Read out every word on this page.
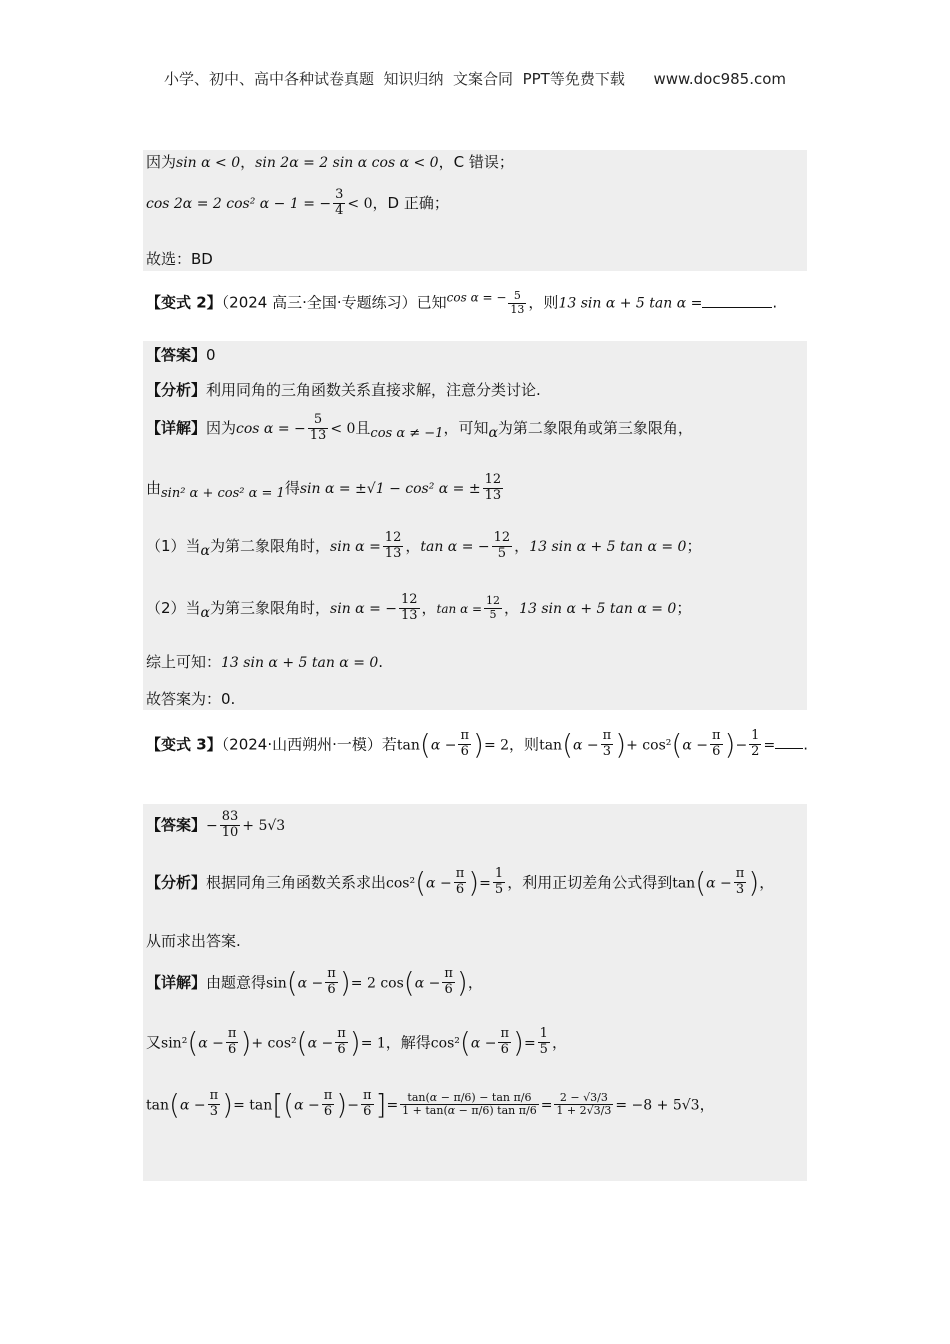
小学、初中、高中各种试卷真题  知识归纳  文案合同  PPT等免费下载      www.doc985.com
因为sin α < 0，sin 2α = 2 sin α cos α < 0，C 错误；
cos 2α = 2 cos² α − 1 = − $\frac{3}{4} < 0$，D 正确；
故选：BD
【变式 2】（2024 高三·全国·专题练习）已知$^{cos \alpha = -} \frac{5}{13}$ ，则13 sin α + 5 tan α =	.
【答案】0
【分析】利用同角的三角函数关系直接求解，注意分类讨论.
【详解】因为cos α = − $\frac{5}{13} < 0$且cos α ≠ −1，可知α为第二象限角或第三象限角，
由sin² α + cos² α = 1得sin α = ±√1 − cos² α = ± $\frac{12}{13}$
（1）当α为第二象限角时，$\sin \alpha = \frac{12}{13}$ ，tan α = − $\frac{12}{5}$ ，13 sin α + 5 tan α = 0；
（2）当α为第三象限角时，sin α = − $\frac{12}{13}$ ，$\tan \alpha = \frac{12}{5}$ ，13 sin α + 5 tan α = 0；
综上可知：13 sin α + 5 tan α = 0.
故答案为：0.
【变式 3】（2024·山西朔州·一模）若$\tan(\alpha - \frac{\pi}{6}$ )= 2，则$\tan(\alpha - \frac{\pi}{3}$ )+ $\cos^2(\alpha - \frac{\pi}{6}$ )− $\frac{1}{2}$ = .
【答案】− $\frac{83}{10} + 5√3$
【分析】根据同角三角函数关系求出$\cos^2(\alpha - \frac{\pi}{6}$ )= $\frac{1}{5}$ ，利用正切差角公式得到$\tan(\alpha - \frac{\pi}{3}$ )，
从而求出答案.
【详解】由题意得$\sin(\alpha - \frac{\pi}{6}$ )= 2 $\cos(\alpha - \frac{\pi}{6}$ )，
又$\sin^2(\alpha - \frac{\pi}{6}$ )+ $\cos^2(\alpha - \frac{\pi}{6}$ )= 1，解得$\cos^2(\alpha - \frac{\pi}{6}$ )= $\frac{1}{5}$ ，
$\tan(\alpha - \frac{\pi}{3}$ )= $\tan[(\alpha - \frac{\pi}{6}$ )− $\frac{\pi}{6}$ ]= $\frac{\text{tan(α − π/6) − tan π/6}}{\text{1 + tan(α − π/6) tan π/6}} = \frac{2 - √3/3}{1 + 2√3/3} = -8 + 5√3$，
